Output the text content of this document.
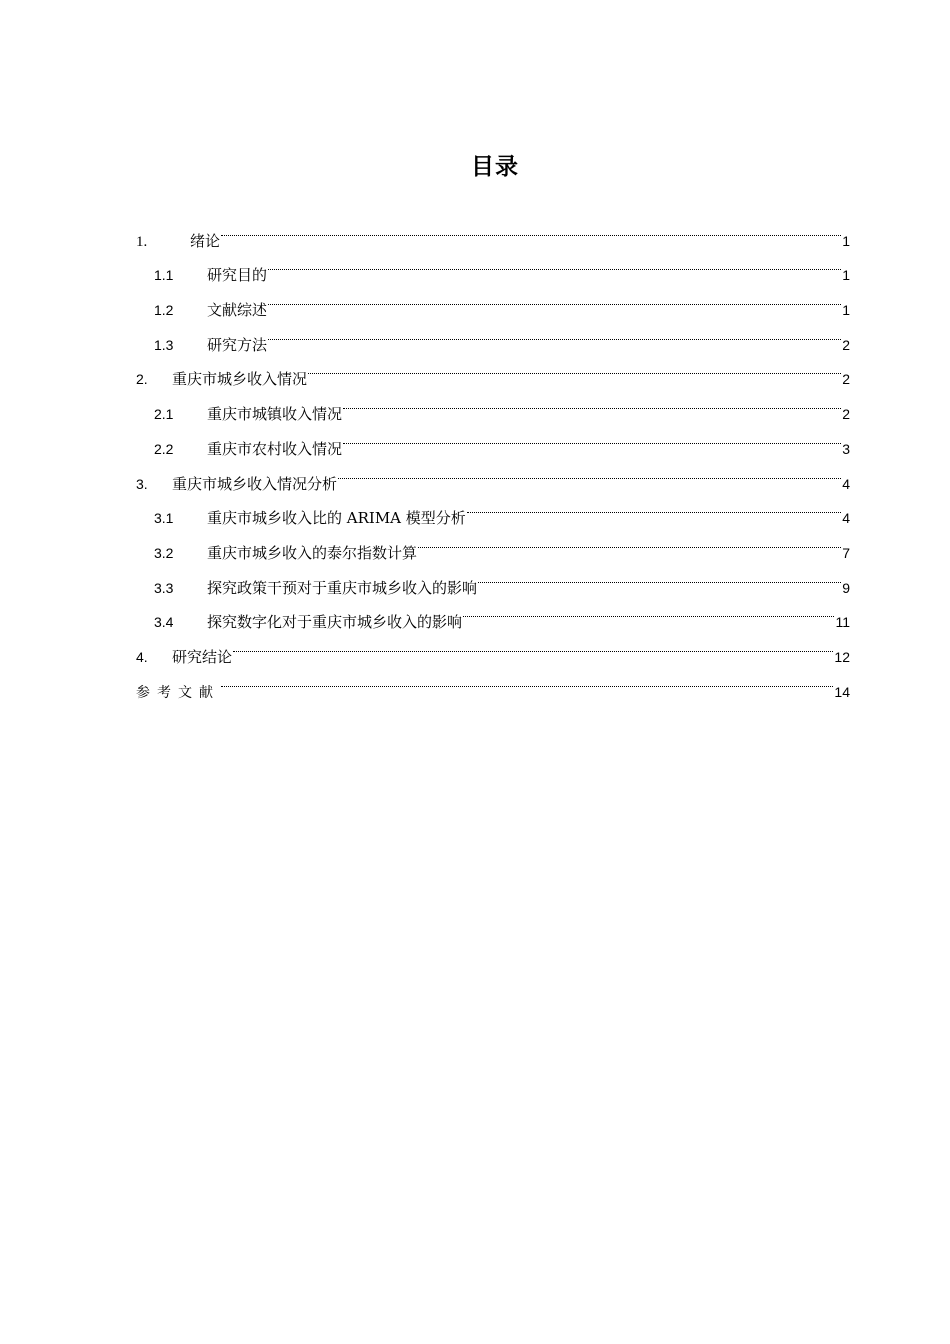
目录
1.	绪论	1
1.1	研究目的	1
1.2	文献综述	1
1.3	研究方法	2
2.	重庆市城乡收入情况	2
2.1	重庆市城镇收入情况	2
2.2	重庆市农村收入情况	3
3.	重庆市城乡收入情况分析	4
3.1	重庆市城乡收入比的 ARIMA 模型分析	4
3.2	重庆市城乡收入的泰尔指数计算	7
3.3	探究政策干预对于重庆市城乡收入的影响	9
3.4	探究数字化对于重庆市城乡收入的影响	11
4.	研究结论	12
参考文献	14
